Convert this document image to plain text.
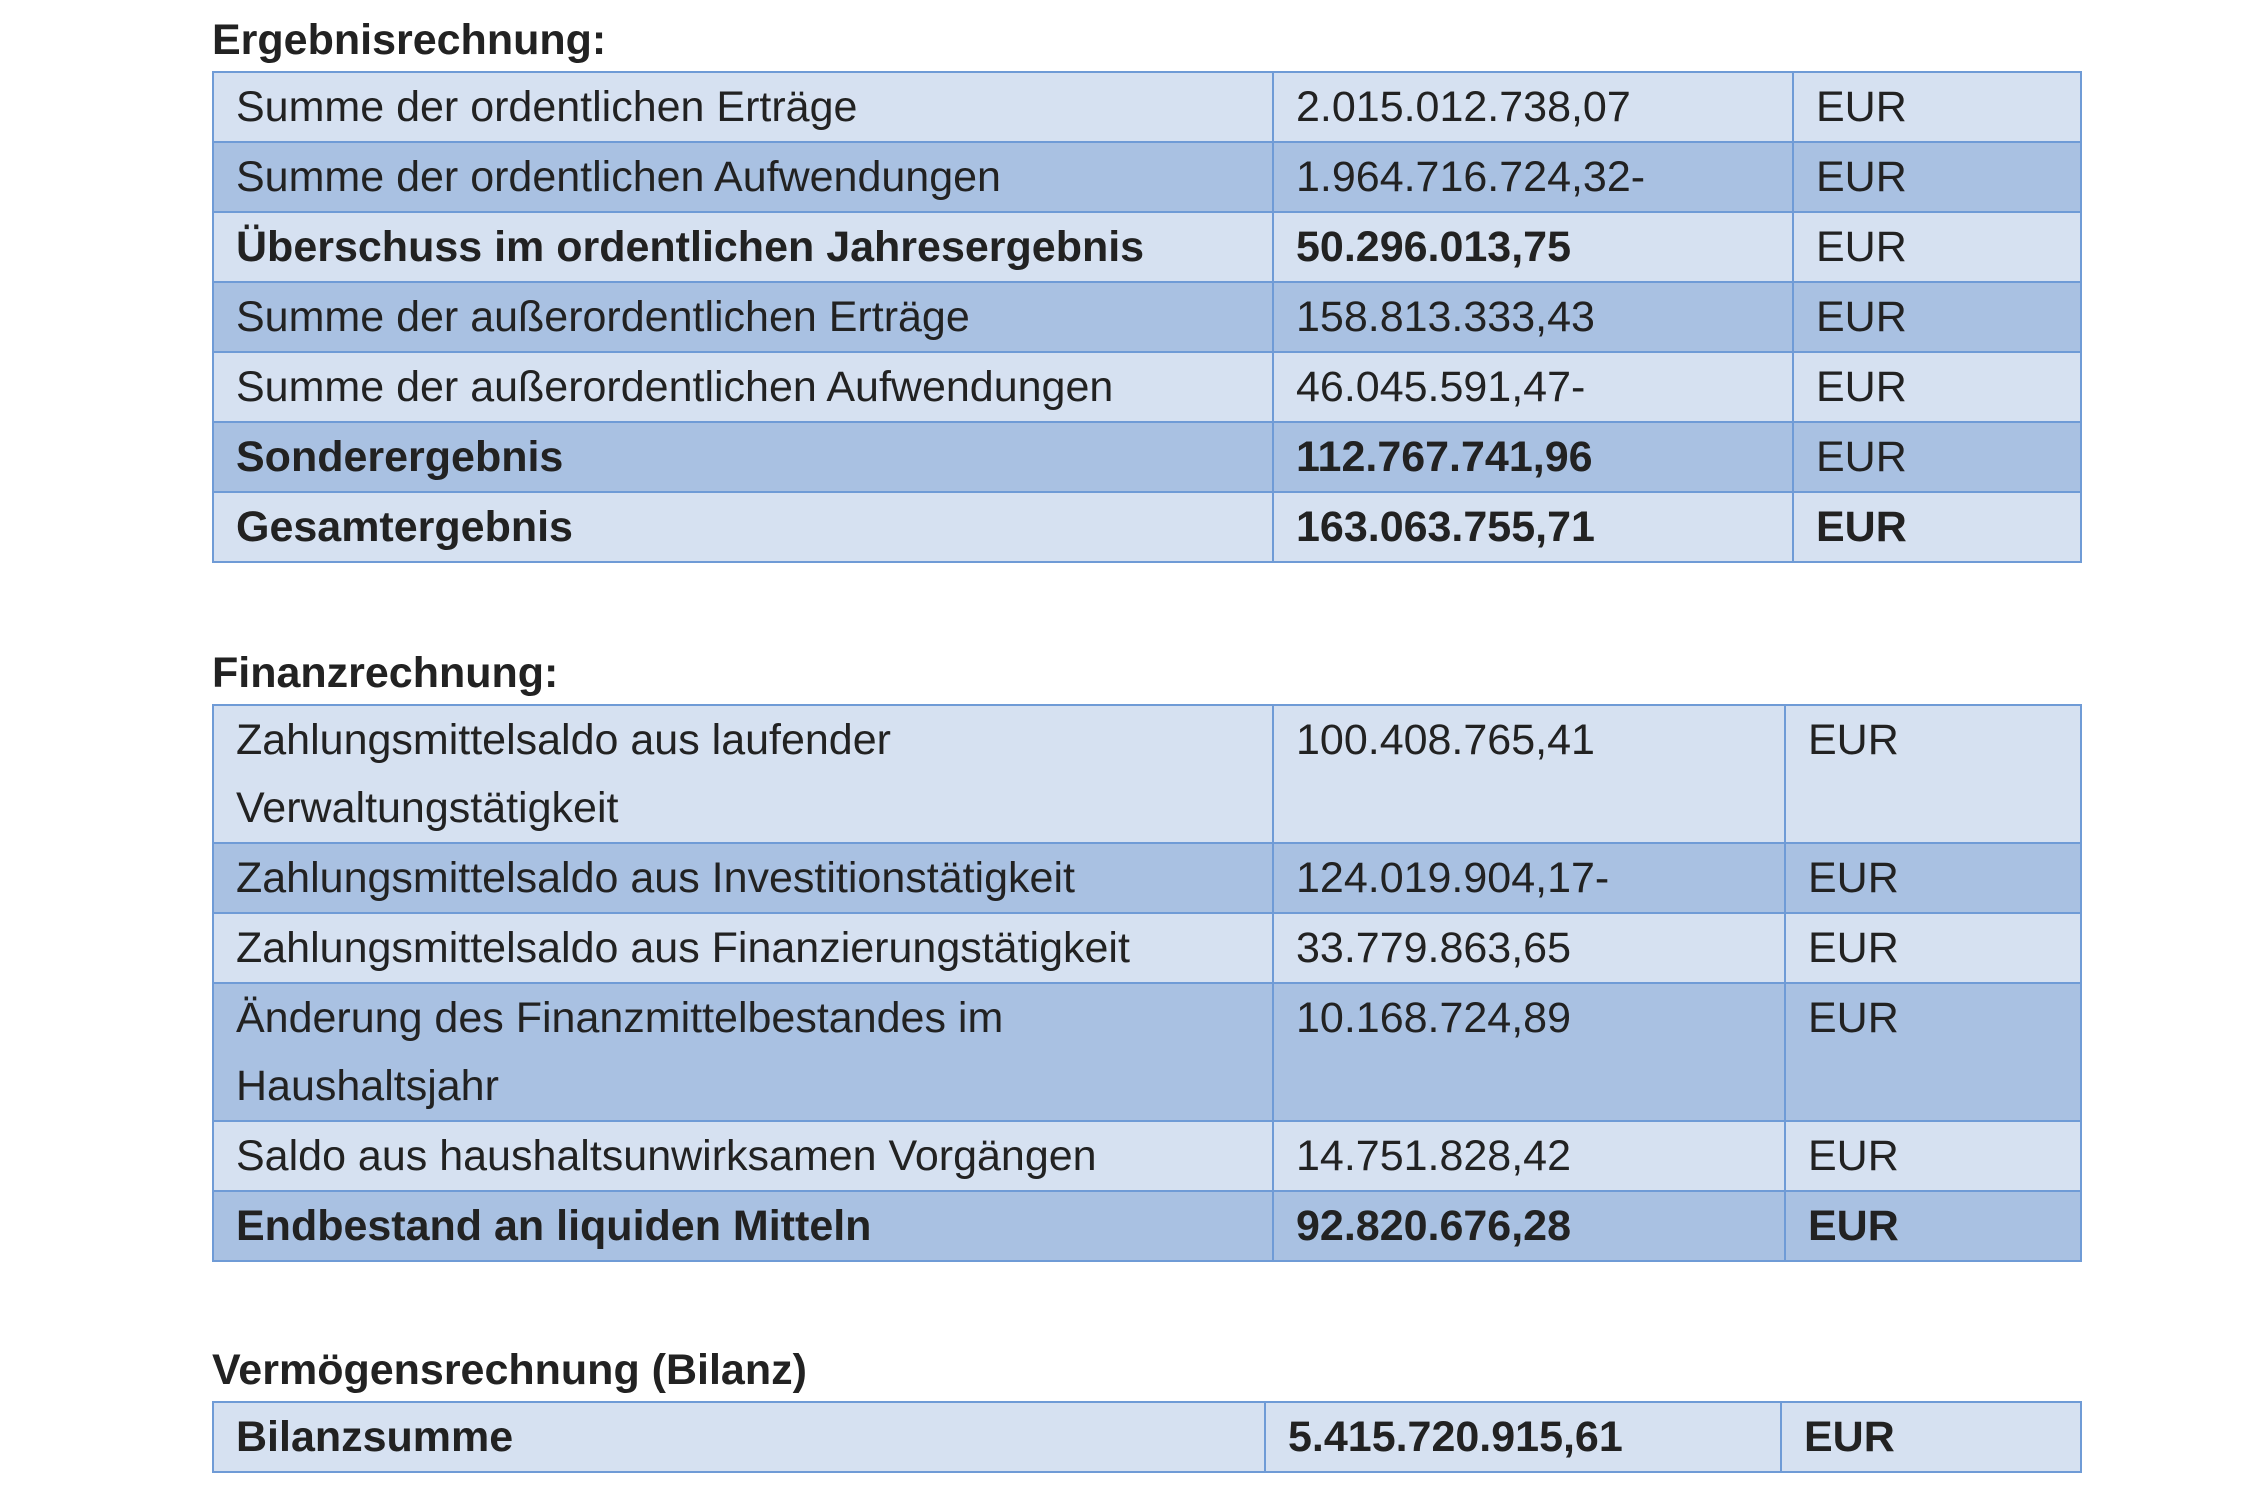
Ergebnisrechnung:
Summe der ordentlichen Erträge	2.015.012.738,07	EUR
Summe der ordentlichen Aufwendungen	1.964.716.724,32-	EUR
Überschuss im ordentlichen Jahresergebnis	50.296.013,75	EUR
Summe der außerordentlichen Erträge	158.813.333,43	EUR
Summe der außerordentlichen Aufwendungen	46.045.591,47-	EUR
Sonderergebnis	112.767.741,96	EUR
Gesamtergebnis	163.063.755,71	EUR
Finanzrechnung:
Zahlungsmittelsaldo aus laufender Verwaltungstätigkeit	100.408.765,41	EUR
Zahlungsmittelsaldo aus Investitionstätigkeit	124.019.904,17-	EUR
Zahlungsmittelsaldo aus Finanzierungstätigkeit	33.779.863,65	EUR
Änderung des Finanzmittelbestandes im Haushaltsjahr	10.168.724,89	EUR
Saldo aus haushaltsunwirksamen Vorgängen	14.751.828,42	EUR
Endbestand an liquiden Mitteln	92.820.676,28	EUR
Vermögensrechnung (Bilanz)
Bilanzsumme	5.415.720.915,61	EUR
